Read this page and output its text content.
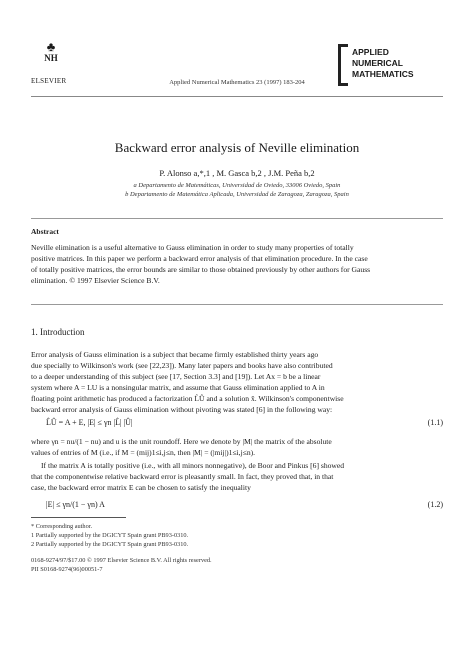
♣
NH
ELSEVIER	Applied Numerical Mathematics 23 (1997) 183-204
APPLIED
NUMERICAL
MATHEMATICS
Backward error analysis of Neville elimination
P. Alonso a,*,1 , M. Gasca b,2 , J.M. Peña b,2
a Departamento de Matemáticas, Universidad de Oviedo, 33006 Oviedo, Spain
b Departamento de Matemática Aplicada, Universidad de Zaragoza, Zaragoza, Spain
Abstract
Neville elimination is a useful alternative to Gauss elimination in order to study many properties of totally
positive matrices. In this paper we perform a backward error analysis of that elimination procedure. In the case
of totally positive matrices, the error bounds are similar to those obtained previously by other authors for Gauss
elimination. © 1997 Elsevier Science B.V.
1. Introduction
Error analysis of Gauss elimination is a subject that became firmly established thirty years ago
due specially to Wilkinson's work (see [22,23]). Many later papers and books have also contributed
to a deeper understanding of this subject (see [17, Section 3.3] and [19]). Let Ax = b be a linear
system where A = LU is a nonsingular matrix, and assume that Gauss elimination applied to A in
floating point arithmetic has produced a factorization L̂Û and a solution x̂. Wilkinson's componentwise
backward error analysis of Gauss elimination without pivoting was stated [6] in the following way:
L̂Û = A + E, |E| ≤ γn |L̂| |Û|	(1.1)
where γn = nu/(1 − nu) and u is the unit roundoff. Here we denote by |M| the matrix of the absolute
values of entries of M (i.e., if M = (mij)1≤i,j≤n, then |M| = (|mij|)1≤i,j≤n).
If the matrix A is totally positive (i.e., with all minors nonnegative), de Boor and Pinkus [6] showed
that the componentwise relative backward error is pleasantly small. In fact, they proved that, in that
case, the backward error matrix E can be chosen to satisfy the inequality
|E| ≤ γn/(1 − γn) A	(1.2)
* Corresponding author.
1 Partially supported by the DGICYT Spain grant PB93-0310.
2 Partially supported by the DGICYT Spain grant PB93-0310.
0168-9274/97/$17.00 © 1997 Elsevier Science B.V. All rights reserved.
PII S0168-9274(96)00051-7
